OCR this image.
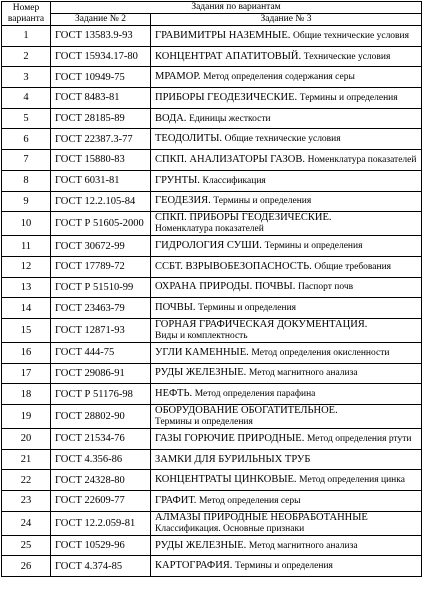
Номер варианта	Задания по вариантам	
	Задание № 2	Задание № 3
1	ГОСТ 13583.9-93	ГРАВИМИТРЫ НАЗЕМНЫЕ. Общие технические условия
2	ГОСТ 15934.17-80	КОНЦЕНТРАТ АПАТИТОВЫЙ. Технические условия
3	ГОСТ 10949-75	МРАМОР. Метод определения содержания серы
4	ГОСТ 8483-81	ПРИБОРЫ ГЕОДЕЗИЧЕСКИЕ. Термины и определения
5	ГОСТ 28185-89	ВОДА. Единицы жесткости
6	ГОСТ 22387.3-77	ТЕОДОЛИТЫ. Общие технические условия
7	ГОСТ 15880-83	СПКП. АНАЛИЗАТОРЫ ГАЗОВ. Номенклатура показателей
8	ГОСТ 6031-81	ГРУНТЫ. Классификация
9	ГОСТ 12.2.105-84	ГЕОДЕЗИЯ. Термины и определения
10	ГОСТ Р 51605-2000	СПКП. ПРИБОРЫ ГЕОДЕЗИЧЕСКИЕ.
Номенклатура показателей
11	ГОСТ 30672-99	ГИДРОЛОГИЯ СУШИ. Термины и определения
12	ГОСТ 17789-72	ССБТ. ВЗРЫВОБЕЗОПАСНОСТЬ. Общие требования
13	ГОСТ Р 51510-99	ОХРАНА ПРИРОДЫ. ПОЧВЫ. Паспорт почв
14	ГОСТ 23463-79	ПОЧВЫ. Термины и определения
15	ГОСТ 12871-93	ГОРНАЯ ГРАФИЧЕСКАЯ ДОКУМЕНТАЦИЯ.
Виды и комплектность
16	ГОСТ 444-75	УГЛИ КАМЕННЫЕ. Метод определения окисленности
17	ГОСТ 29086-91	РУДЫ ЖЕЛЕЗНЫЕ. Метод магнитного анализа
18	ГОСТ Р 51176-98	НЕФТЬ. Метод определения парафина
19	ГОСТ 28802-90	ОБОРУДОВАНИЕ ОБОГАТИТЕЛЬНОЕ.
Термины и определения
20	ГОСТ 21534-76	ГАЗЫ ГОРЮЧИЕ ПРИРОДНЫЕ. Метод определения ртути
21	ГОСТ 4.356-86	ЗАМКИ ДЛЯ БУРИЛЬНЫХ ТРУБ
22	ГОСТ 24328-80	КОНЦЕНТРАТЫ ЦИНКОВЫЕ. Метод определения цинка
23	ГОСТ 22609-77	ГРАФИТ. Метод определения серы
24	ГОСТ 12.2.059-81	АЛМАЗЫ ПРИРОДНЫЕ НЕОБРАБОТАННЫЕ
Классификация. Основные признаки
25	ГОСТ 10529-96	РУДЫ ЖЕЛЕЗНЫЕ. Метод магнитного анализа
26	ГОСТ 4.374-85	КАРТОГРАФИЯ. Термины и определения
